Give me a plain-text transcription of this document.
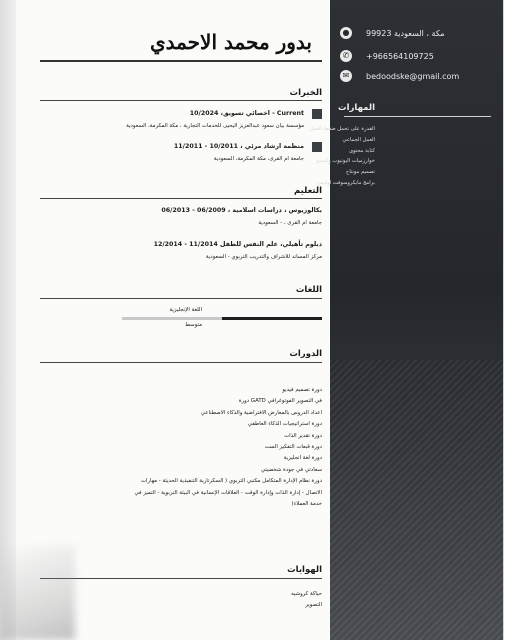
●	مكة ، السعودية 99923
✆	+966564109725
✉	bedoodske@gmail.com
المهارات
القدرة على تحمل ضغط العمل
العمل الجماعي
كتابة محتوى
خوارزميات اليوتيوب والسيو
تصميم مونتاج
برامج مايكروسوفت اوفيس
بدور محمد الاحمدي
الخبرات
Current - اخصائي تسويق، 10/2024
مؤسسة بيان سعود عبدالعزيز اليحيى للخدمات التجارية ، مكة المكرمة، السعودية
منظمة ارشاد مرئي ، 10/2011 - 11/2011
جامعة ام القرى، مكة المكرمة، السعودية
التعليم
بكالوريوس ، دراسات اسلامية ، 06/2009 - 06/2013
جامعة ام القرى ، - السعودية
دبلوم تأهيلي، علم النفس للطفل 11/2014 - 12/2014
مركز المساند للاشراف والتدريب التربوي - السعودية
اللغات
اللغة الإنجليزية
متوسط
الدورات
دورة تصميم فيديو
في التصوير الفوتوغرافي GATD دورة
اعداد الدروس بالمعارض الافتراضية والذكاء الاصطناعي
دورة استراتيجيات الذكاء العاطفي
دورة تقدير الذات
دورة قبعات التفكير الست
دورة لغة انجليزية
سعادتي في جودة شخصيتي
دورة نظام الإدارة المتكامل مكتبي التربوي ( السكرتارية التنفيذية الحديثة - مهارات
الاتصال - إدارة الذات وإدارة الوقت - العلاقات الإنسانية في البيئة التربوية - التميز في
خدمة العملاء)
الهوايات
حياكة كروشيه
التصوير
